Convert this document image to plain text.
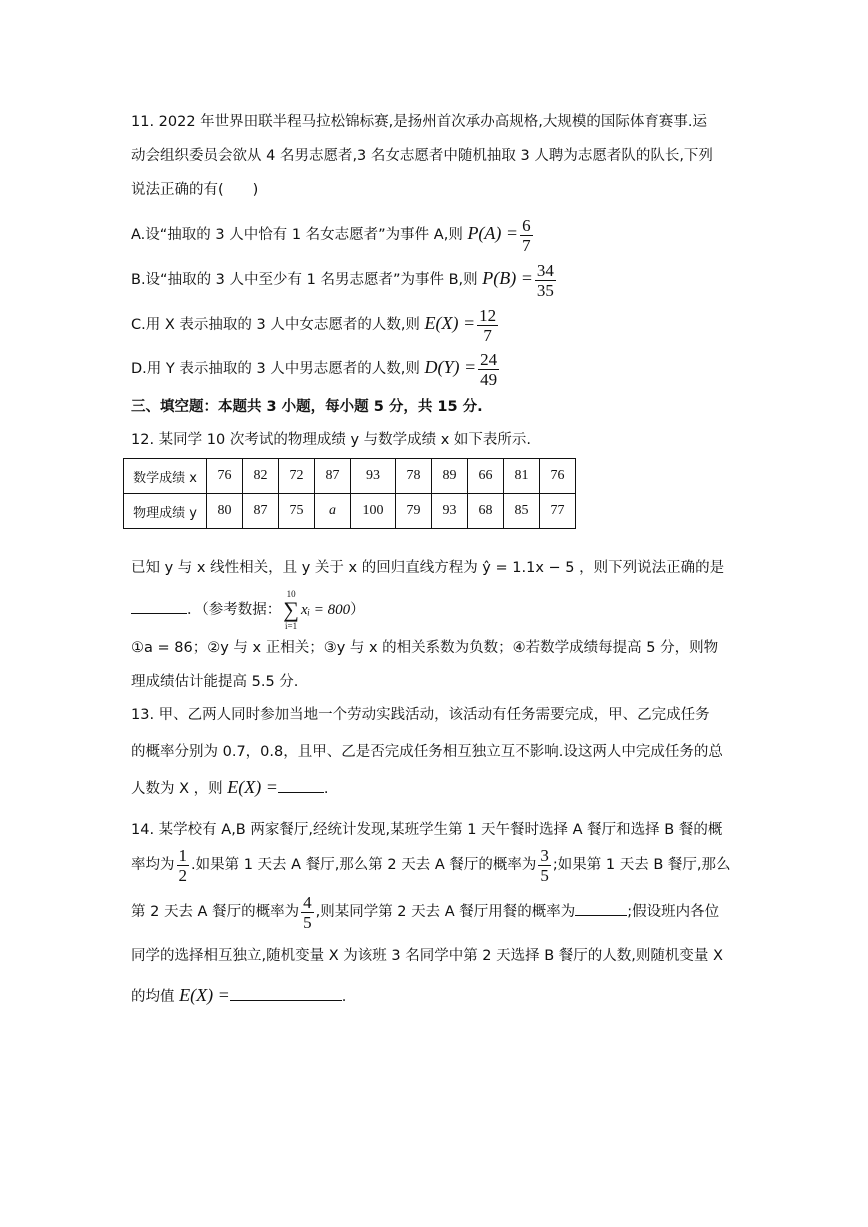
11. 2022 年世界田联半程马拉松锦标赛,是扬州首次承办高规格,大规模的国际体育赛事.运
动会组织委员会欲从 4 名男志愿者,3 名女志愿者中随机抽取 3 人聘为志愿者队的队长,下列
说法正确的有(　　)
A.设“抽取的 3 人中恰有 1 名女志愿者”为事件 A,则 $P(A) = \frac{6}{7}$
B.设“抽取的 3 人中至少有 1 名男志愿者”为事件 B,则 $P(B) = \frac{34}{35}$
C.用 X 表示抽取的 3 人中女志愿者的人数,则 $E(X) = \frac{12}{7}$
D.用 Y 表示抽取的 3 人中男志愿者的人数,则 $D(Y) = \frac{24}{49}$
三、填空题：本题共 3 小题，每小题 5 分，共 15 分.
12. 某同学 10 次考试的物理成绩 y 与数学成绩 x 如下表所示.
数学成绩 x	76	82	72	87	93	78	89	66	81	76
物理成绩 y	80	87	75	a	100	79	93	68	85	77
已知 y 与 x 线性相关，且 y 关于 x 的回归直线方程为 ŷ = 1.1x − 5 ，则下列说法正确的是
．（参考数据：
10
∑
i=1
xᵢ = 800）
①a = 86；②y 与 x 正相关；③y 与 x 的相关系数为负数；④若数学成绩每提高 5 分，则物
理成绩估计能提高 5.5 分.
13. 甲、乙两人同时参加当地一个劳动实践活动，该活动有任务需要完成，甲、乙完成任务
的概率分别为 0.7，0.8，且甲、乙是否完成任务相互独立互不影响.设这两人中完成任务的总
人数为 X ，则 E(X) =	.
14. 某学校有 A,B 两家餐厅,经统计发现,某班学生第 1 天午餐时选择 A 餐厅和选择 B 餐的概
率均为 $\frac{1}{2}$ .如果第 1 天去 A 餐厅,那么第 2 天去 A 餐厅的概率为 $\frac{3}{5}$ ;如果第 1 天去 B 餐厅,那么
第 2 天去 A 餐厅的概率为 $\frac{4}{5}$ ,则某同学第 2 天去 A 餐厅用餐的概率为	;假设班内各位
同学的选择相互独立,随机变量 X 为该班 3 名同学中第 2 天选择 B 餐厅的人数,则随机变量 X
的均值 E(X) =	.
